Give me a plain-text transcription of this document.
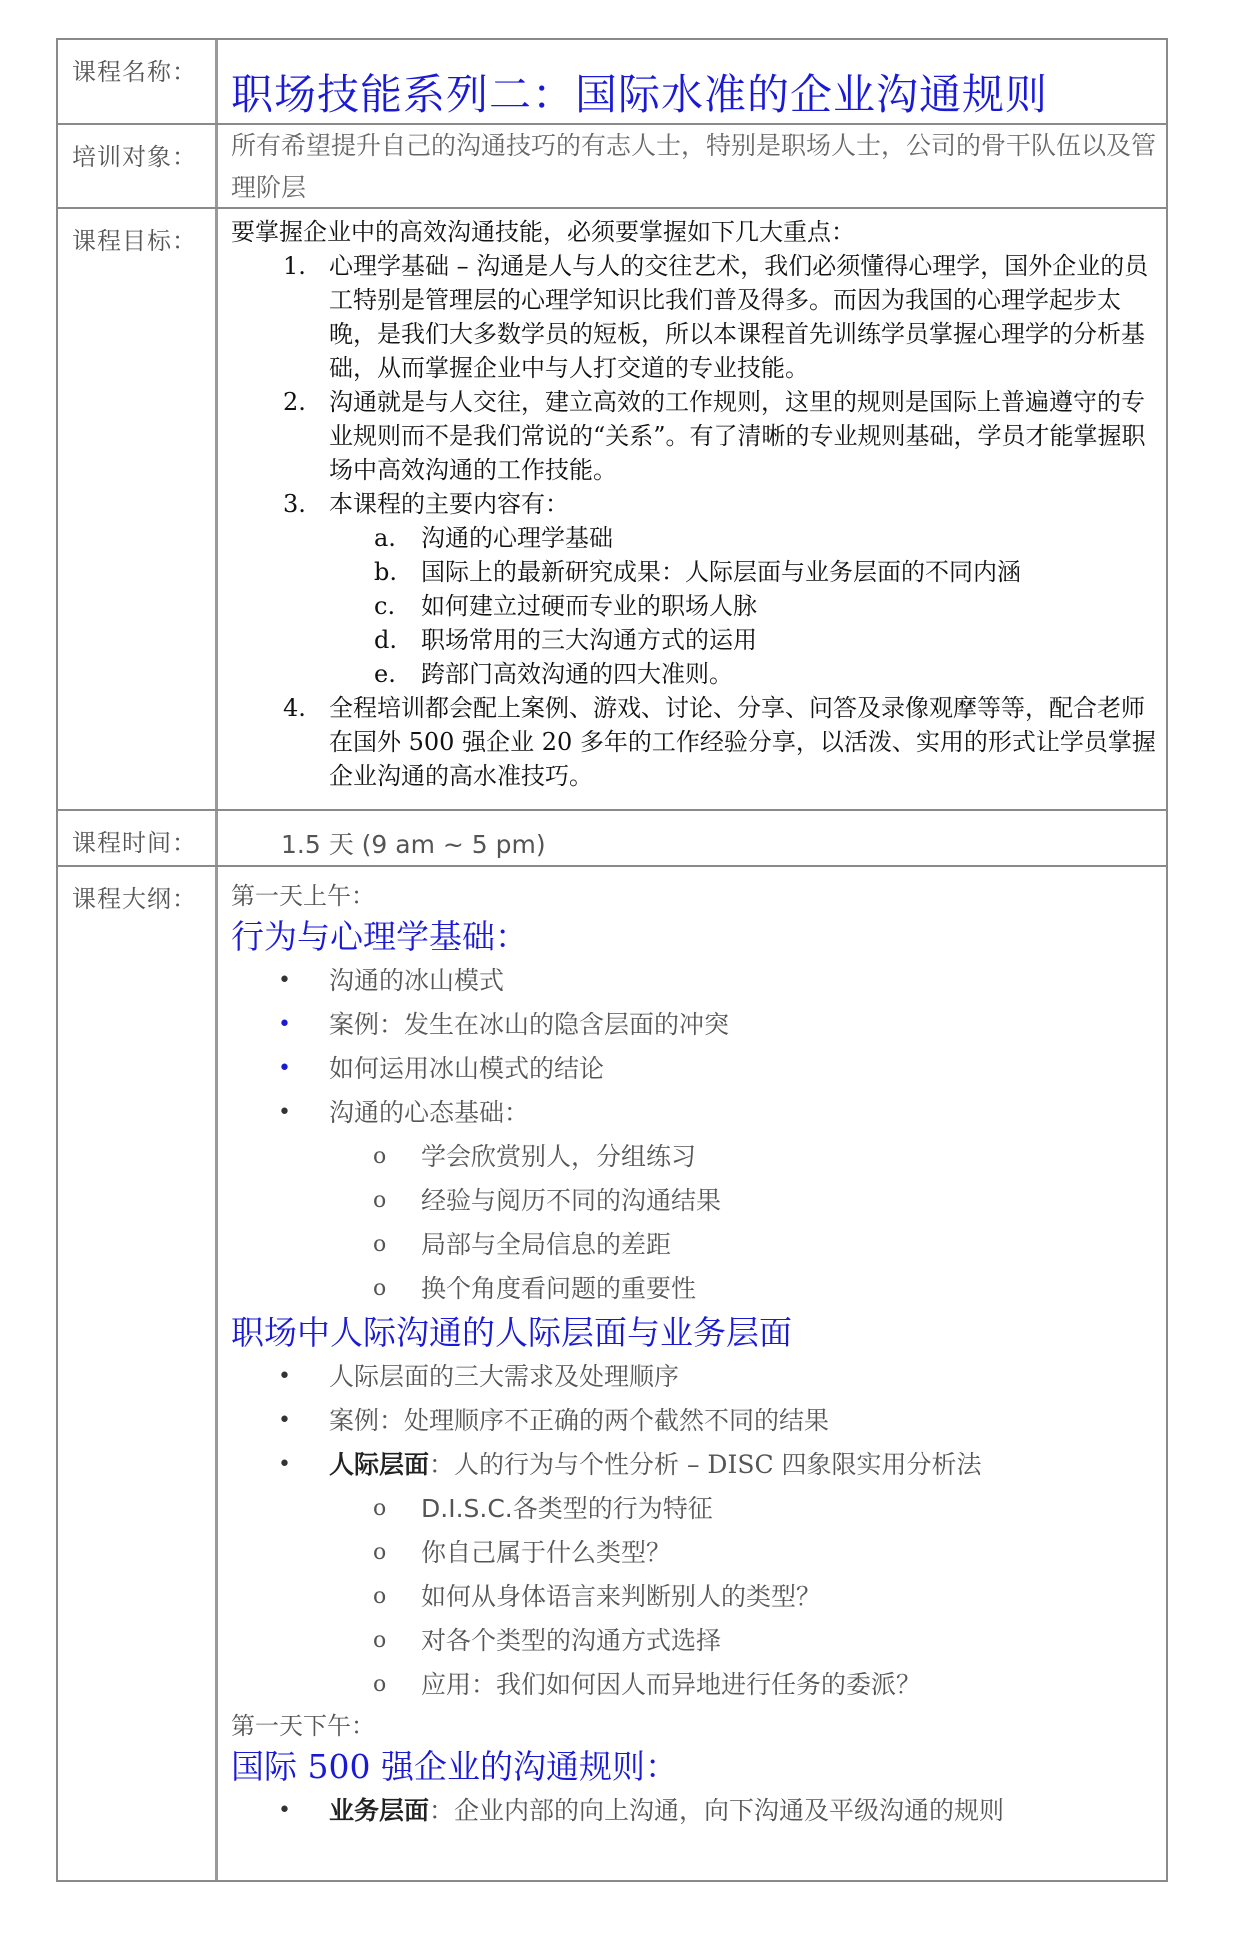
课程名称： 职场技能系列二：国际水准的企业沟通规则
培训对象：	所有希望提升自己的沟通技巧的有志人士，特别是职场人士，公司的骨干队伍以及管理阶层
课程目标：	要掌握企业中的高效沟通技能，必须要掌握如下几大重点：
1. 心理学基础 – 沟通是人与人的交往艺术，我们必须懂得心理学，国外企业的员工特别是管理层的心理学知识比我们普及得多。而因为我国的心理学起步太晚，是我们大多数学员的短板，所以本课程首先训练学员掌握心理学的分析基础，从而掌握企业中与人打交道的专业技能。
2. 沟通就是与人交往，建立高效的工作规则，这里的规则是国际上普遍遵守的专业规则而不是我们常说的“关系”。有了清晰的专业规则基础，学员才能掌握职场中高效沟通的工作技能。
3. 本课程的主要内容有：
a. 沟通的心理学基础
b. 国际上的最新研究成果：人际层面与业务层面的不同内涵
c. 如何建立过硬而专业的职场人脉
d. 职场常用的三大沟通方式的运用
e. 跨部门高效沟通的四大准则。
4. 全程培训都会配上案例、游戏、讨论、分享、问答及录像观摩等等，配合老师在国外 500 强企业 20 多年的工作经验分享，以活泼、实用的形式让学员掌握企业沟通的高水准技巧。
课程时间：	1.5 天 (9 am ~ 5 pm)
课程大纲：	第一天上午：
行为与心理学基础：
• 沟通的冰山模式
• 案例：发生在冰山的隐含层面的冲突
• 如何运用冰山模式的结论
• 沟通的心态基础：
o 学会欣赏别人，分组练习
o 经验与阅历不同的沟通结果
o 局部与全局信息的差距
o 换个角度看问题的重要性
职场中人际沟通的人际层面与业务层面
• 人际层面的三大需求及处理顺序
• 案例：处理顺序不正确的两个截然不同的结果
• 人际层面：人的行为与个性分析 – DISC 四象限实用分析法
o D.I.S.C.各类型的行为特征
o 你自己属于什么类型？
o 如何从身体语言来判断别人的类型？
o 对各个类型的沟通方式选择
o 应用：我们如何因人而异地进行任务的委派？
第一天下午：
国际 500 强企业的沟通规则：
• 业务层面：企业内部的向上沟通，向下沟通及平级沟通的规则
